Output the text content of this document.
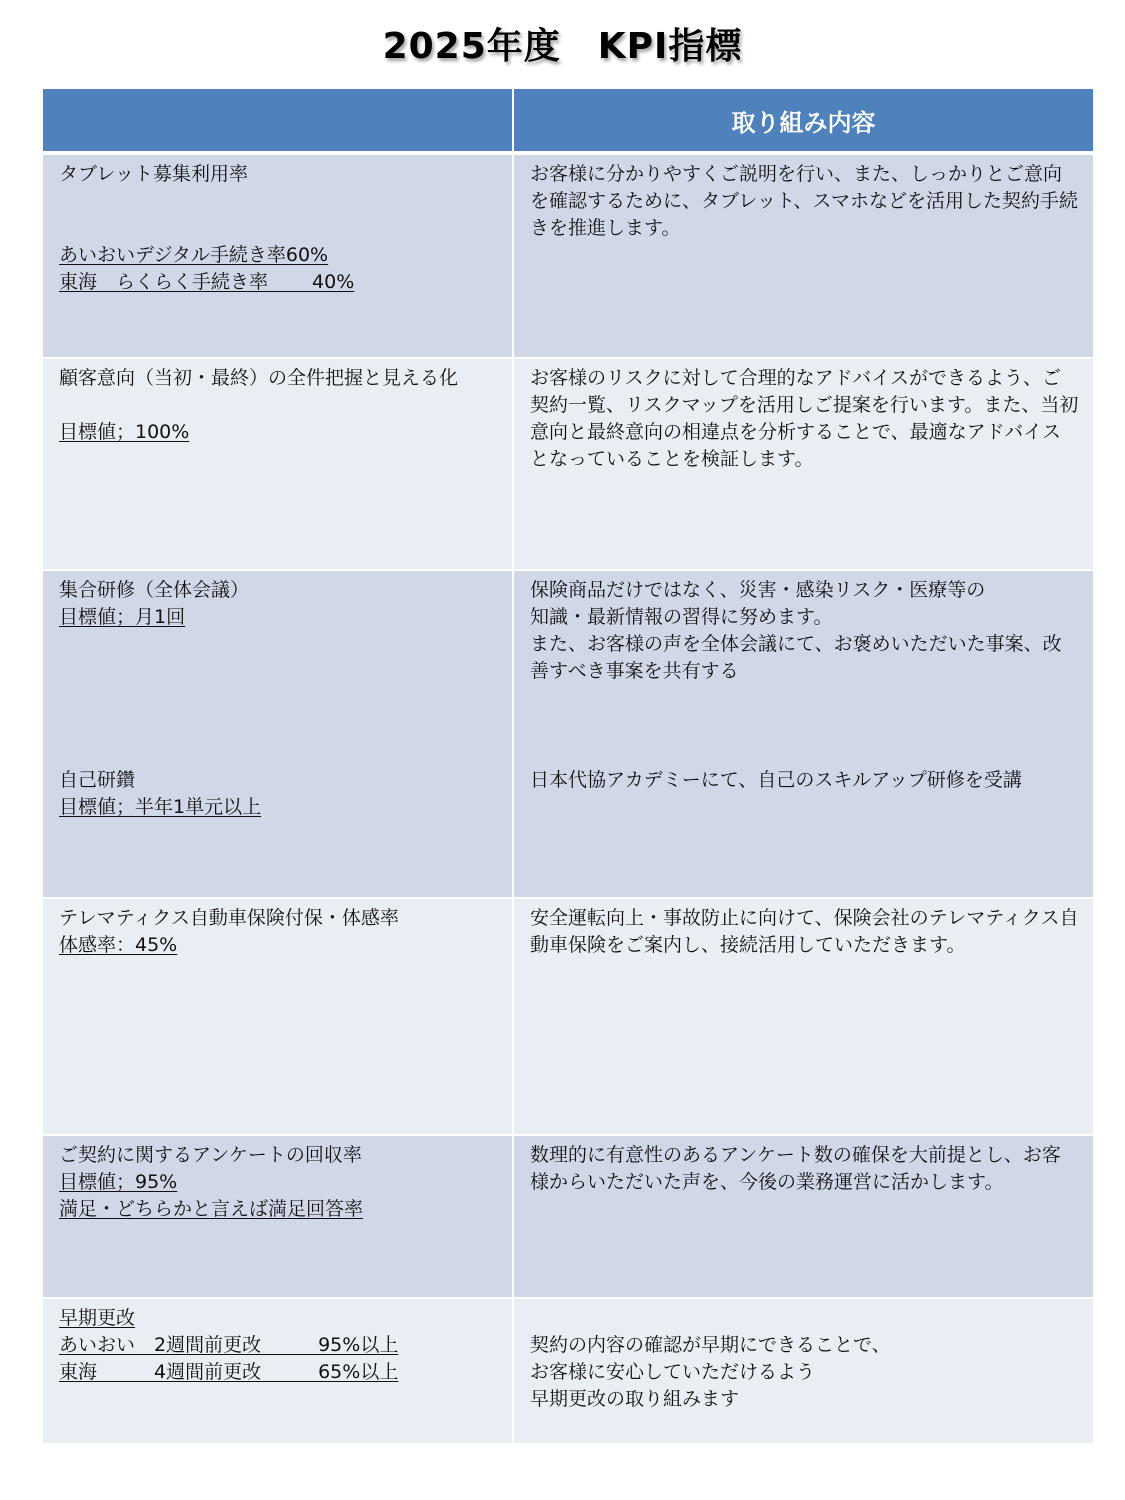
2025年度　KPI指標
	取り組み内容

タブレット募集利用率
あいおいデジタル手続き率60%
東海　らくらく手続き率　　 40%	お客様に分かりやすくご説明を行い、また、しっかりとご意向を確認するために、タブレット、スマホなどを活用した契約手続きを推進します。

顧客意向（当初・最終）の全件把握と見える化
目標値；100%	お客様のリスクに対して合理的なアドバイスができるよう、ご契約一覧、リスクマップを活用しご提案を行います。また、当初意向と最終意向の相違点を分析することで、最適なアドバイスとなっていることを検証します。

集合研修（全体会議）
目標値；月1回
自己研鑽
目標値；半年1単元以上	保険商品だけではなく、災害・感染リスク・医療等の
知識・最新情報の習得に努めます。
また、お客様の声を全体会議にて、お褒めいただいた事案、改善すべき事案を共有する
日本代協アカデミーにて、自己のスキルアップ研修を受講

テレマティクス自動車保険付保・体感率
体感率：45%	安全運転向上・事故防止に向けて、保険会社のテレマティクス自動車保険をご案内し、接続活用していただきます。

ご契約に関するアンケートの回収率
目標値；95%
満足・どちらかと言えば満足回答率	数理的に有意性のあるアンケート数の確保を大前提とし、お客様からいただいた声を、今後の業務運営に活かします。

早期更改
あいおい　2週間前更改　　　95%以上
東海　　　4週間前更改　　　65%以上	契約の内容の確認が早期にできることで、
お客様に安心していただけるよう
早期更改の取り組みます
